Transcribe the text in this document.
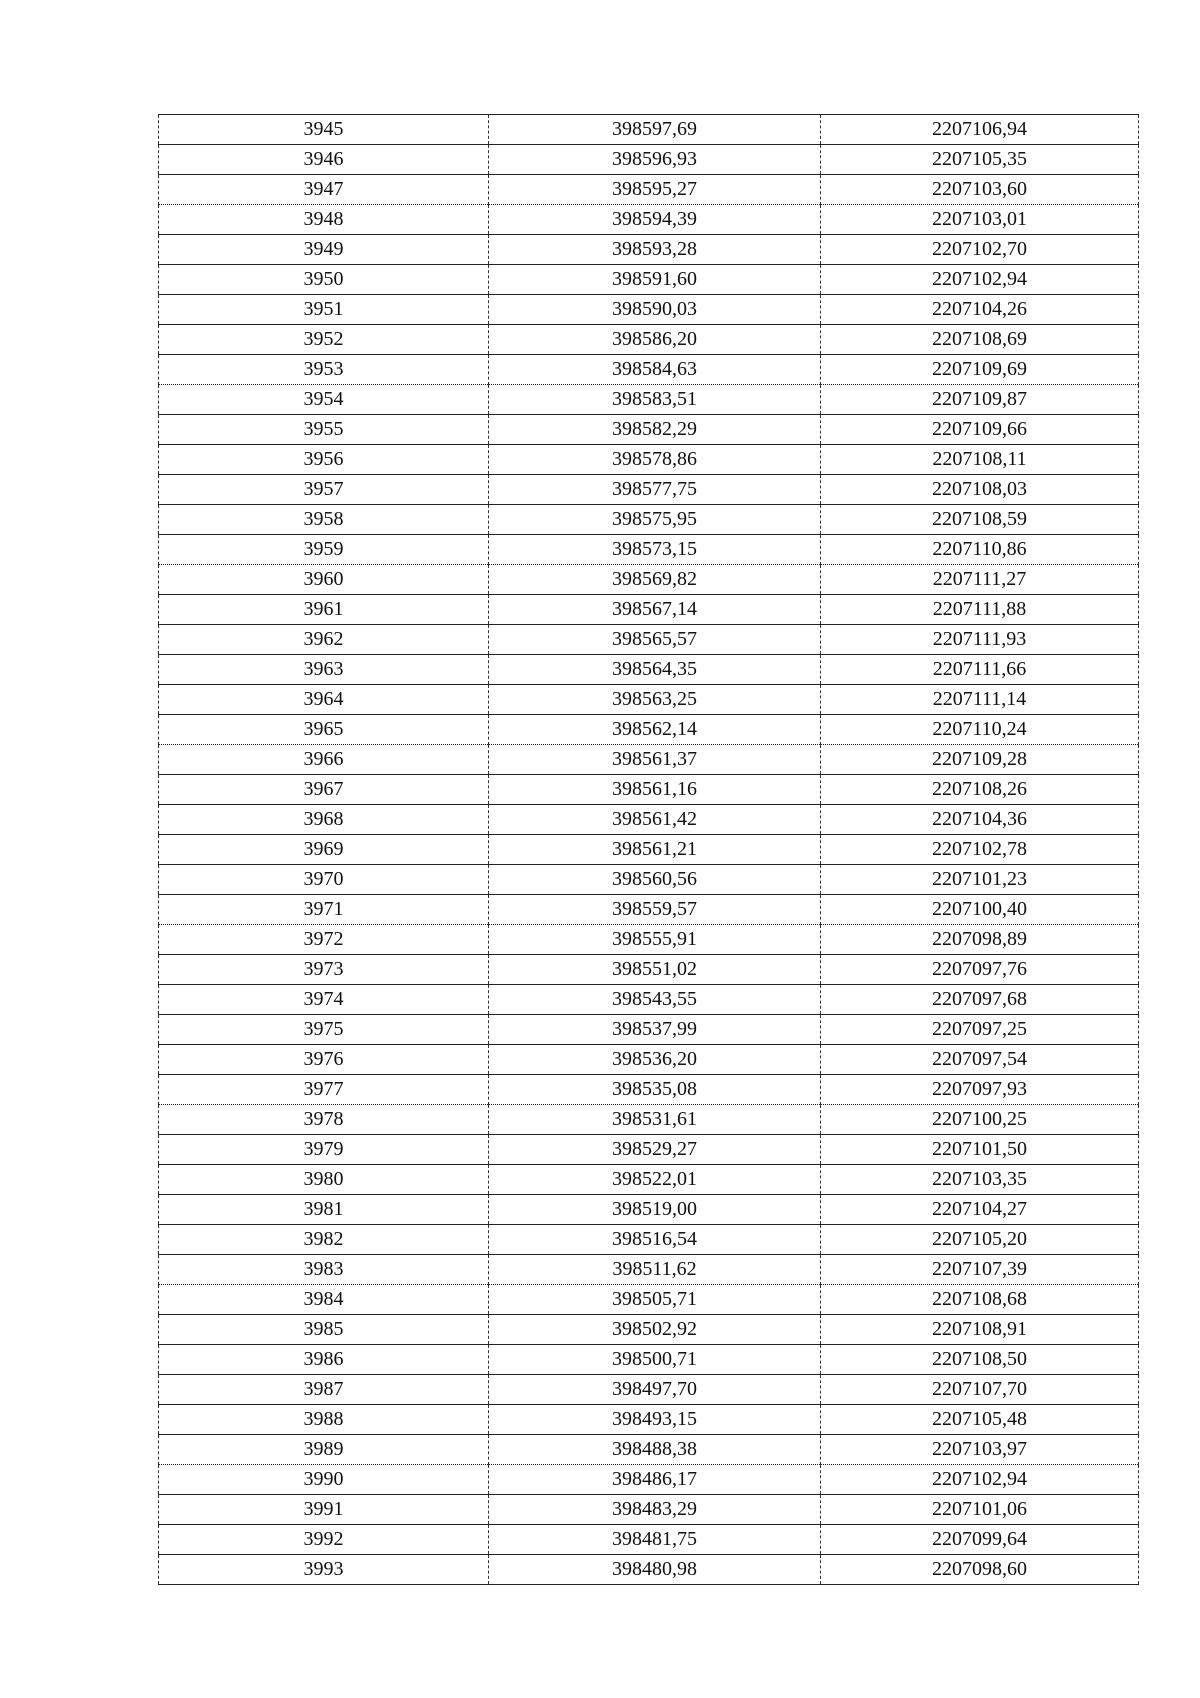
3945	398597,69	2207106,94
3946	398596,93	2207105,35
3947	398595,27	2207103,60
3948	398594,39	2207103,01
3949	398593,28	2207102,70
3950	398591,60	2207102,94
3951	398590,03	2207104,26
3952	398586,20	2207108,69
3953	398584,63	2207109,69
3954	398583,51	2207109,87
3955	398582,29	2207109,66
3956	398578,86	2207108,11
3957	398577,75	2207108,03
3958	398575,95	2207108,59
3959	398573,15	2207110,86
3960	398569,82	2207111,27
3961	398567,14	2207111,88
3962	398565,57	2207111,93
3963	398564,35	2207111,66
3964	398563,25	2207111,14
3965	398562,14	2207110,24
3966	398561,37	2207109,28
3967	398561,16	2207108,26
3968	398561,42	2207104,36
3969	398561,21	2207102,78
3970	398560,56	2207101,23
3971	398559,57	2207100,40
3972	398555,91	2207098,89
3973	398551,02	2207097,76
3974	398543,55	2207097,68
3975	398537,99	2207097,25
3976	398536,20	2207097,54
3977	398535,08	2207097,93
3978	398531,61	2207100,25
3979	398529,27	2207101,50
3980	398522,01	2207103,35
3981	398519,00	2207104,27
3982	398516,54	2207105,20
3983	398511,62	2207107,39
3984	398505,71	2207108,68
3985	398502,92	2207108,91
3986	398500,71	2207108,50
3987	398497,70	2207107,70
3988	398493,15	2207105,48
3989	398488,38	2207103,97
3990	398486,17	2207102,94
3991	398483,29	2207101,06
3992	398481,75	2207099,64
3993	398480,98	2207098,60
